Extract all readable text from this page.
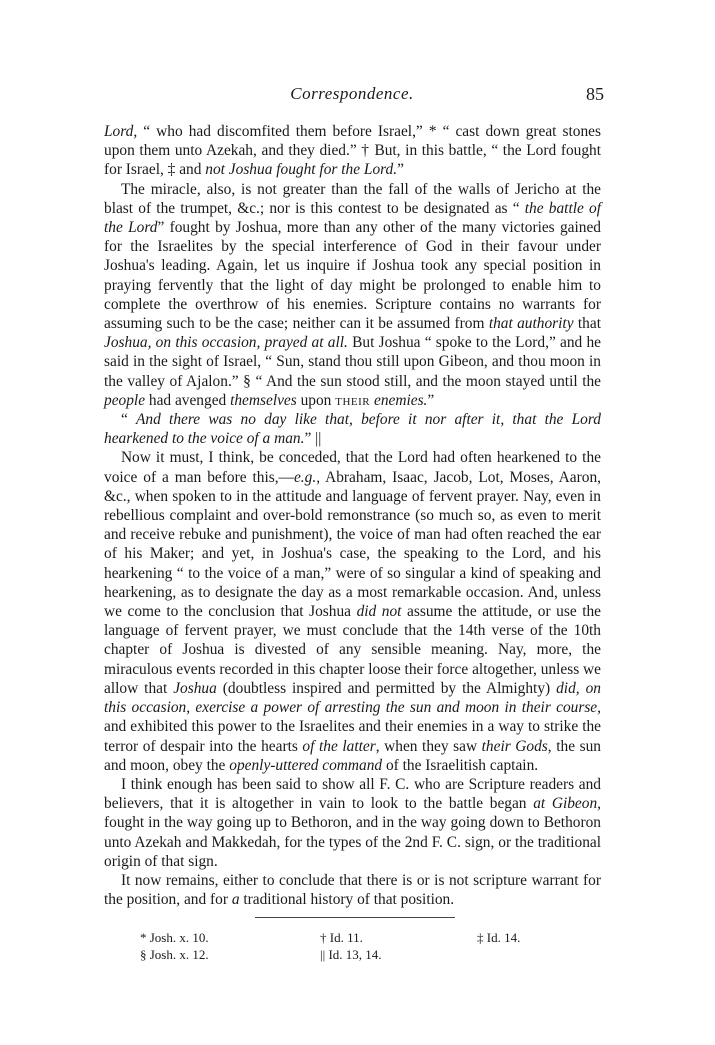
Correspondence.	85

Lord, “ who had discomfited them before Israel,” * “ cast down great stones upon them unto Azekah, and they died.” † But, in this battle, “ the Lord fought for Israel, ‡ and not Joshua fought for the Lord.”

The miracle, also, is not greater than the fall of the walls of Jericho at the blast of the trumpet, &c.; nor is this contest to be designated as “ the battle of the Lord” fought by Joshua, more than any other of the many victories gained for the Israelites by the special interference of God in their favour under Joshua's leading. Again, let us inquire if Joshua took any special position in praying fervently that the light of day might be prolonged to enable him to complete the overthrow of his enemies. Scripture contains no warrants for assuming such to be the case; neither can it be assumed from that authority that Joshua, on this occasion, prayed at all. But Joshua “ spoke to the Lord,” and he said in the sight of Israel, “ Sun, stand thou still upon Gibeon, and thou moon in the valley of Ajalon.” § “ And the sun stood still, and the moon stayed until the people had avenged themselves upon their enemies.”

“ And there was no day like that, before it nor after it, that the Lord hearkened to the voice of a man.” ||

Now it must, I think, be conceded, that the Lord had often hearkened to the voice of a man before this,—e.g., Abraham, Isaac, Jacob, Lot, Moses, Aaron, &c., when spoken to in the attitude and language of fervent prayer. Nay, even in rebellious complaint and over-bold remonstrance (so much so, as even to merit and receive rebuke and punishment), the voice of man had often reached the ear of his Maker; and yet, in Joshua's case, the speaking to the Lord, and his hearkening “ to the voice of a man,” were of so singular a kind of speaking and hearkening, as to designate the day as a most remarkable occasion. And, unless we come to the conclusion that Joshua did not assume the attitude, or use the language of fervent prayer, we must conclude that the 14th verse of the 10th chapter of Joshua is divested of any sensible meaning. Nay, more, the miraculous events recorded in this chapter loose their force altogether, unless we allow that Joshua (doubtless inspired and permitted by the Almighty) did, on this occasion, exercise a power of arresting the sun and moon in their course, and exhibited this power to the Israelites and their enemies in a way to strike the terror of despair into the hearts of the latter, when they saw their Gods, the sun and moon, obey the openly-uttered command of the Israelitish captain.

I think enough has been said to show all F. C. who are Scripture readers and believers, that it is altogether in vain to look to the battle began at Gibeon, fought in the way going up to Bethoron, and in the way going down to Bethoron unto Azekah and Makkedah, for the types of the 2nd F. C. sign, or the traditional origin of that sign.

It now remains, either to conclude that there is or is not scripture warrant for the position, and for a traditional history of that position.

* Josh. x. 10.	† Id. 11.	‡ Id. 14.
§ Josh. x. 12.	|| Id. 13, 14.
